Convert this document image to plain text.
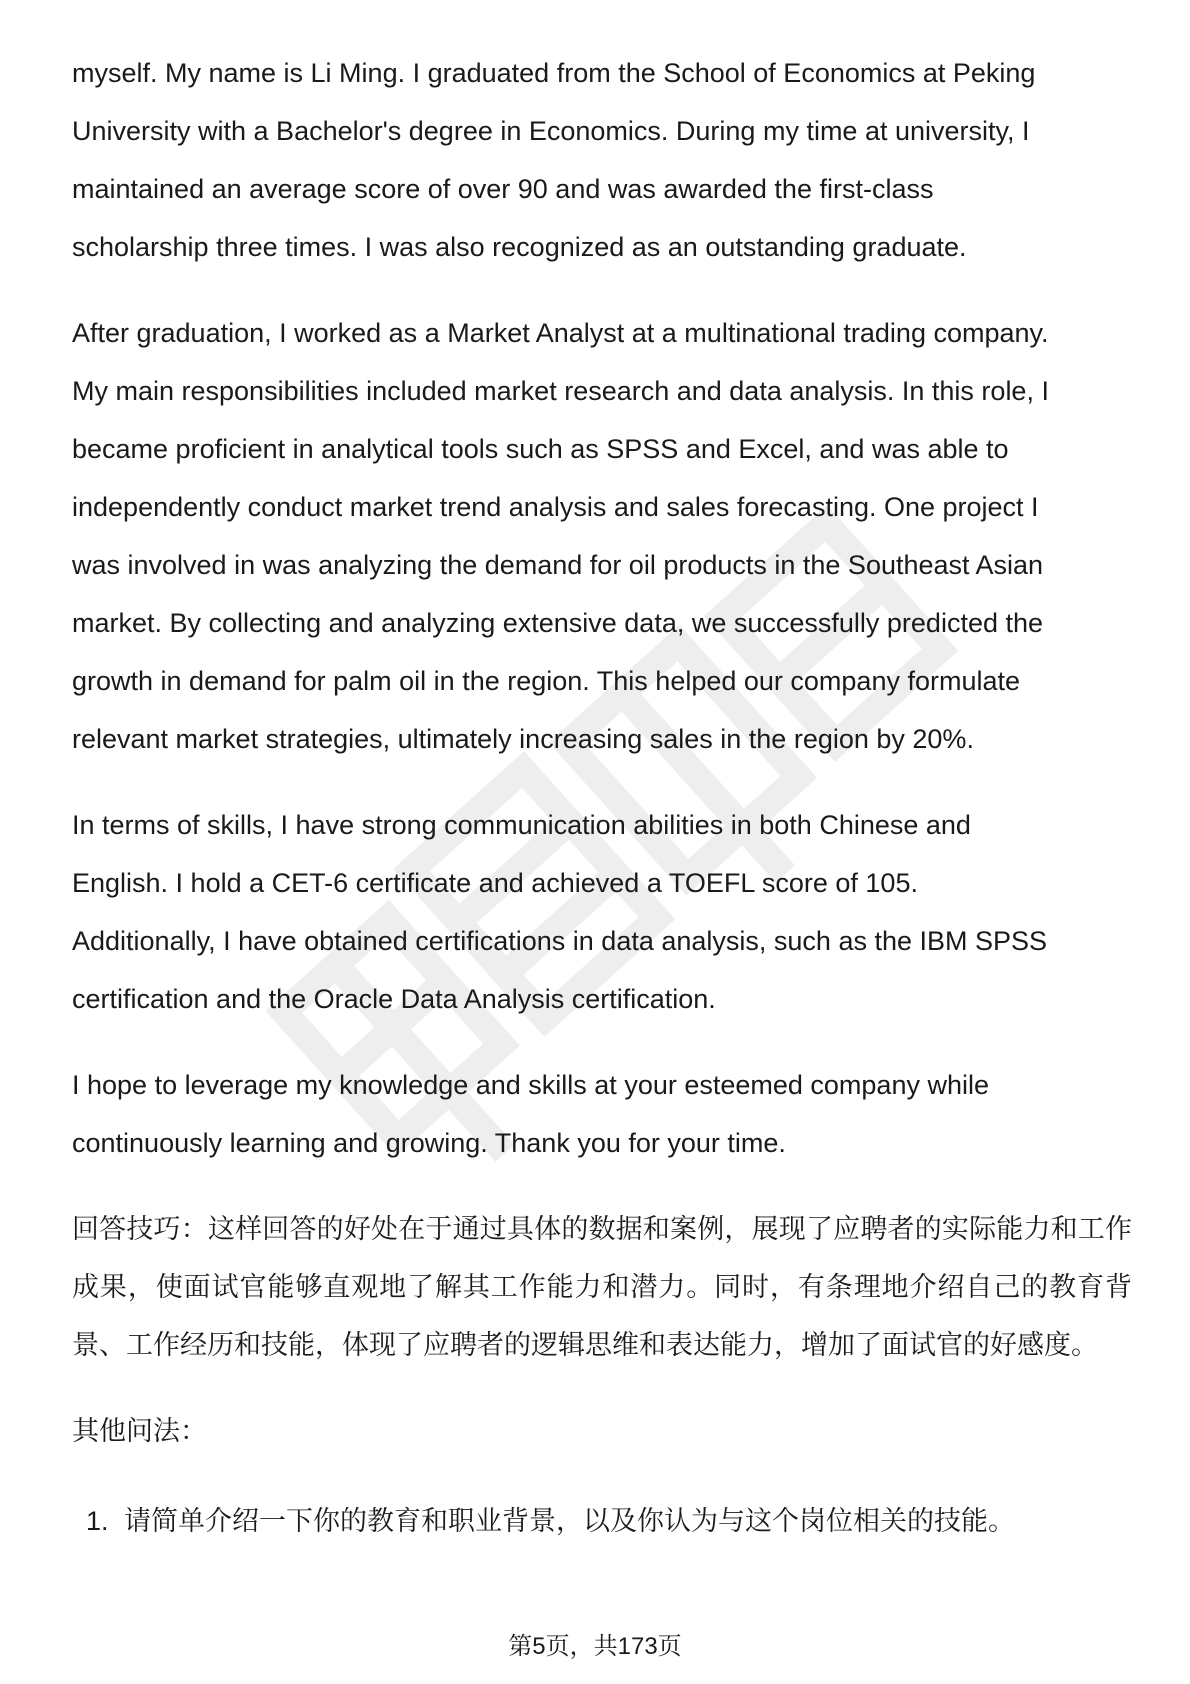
myself. My name is Li Ming. I graduated from the School of Economics at Peking
University with a Bachelor's degree in Economics. During my time at university, I
maintained an average score of over 90 and was awarded the first-class
scholarship three times. I was also recognized as an outstanding graduate.
After graduation, I worked as a Market Analyst at a multinational trading company.
My main responsibilities included market research and data analysis. In this role, I
became proficient in analytical tools such as SPSS and Excel, and was able to
independently conduct market trend analysis and sales forecasting. One project I
was involved in was analyzing the demand for oil products in the Southeast Asian
market. By collecting and analyzing extensive data, we successfully predicted the
growth in demand for palm oil in the region. This helped our company formulate
relevant market strategies, ultimately increasing sales in the region by 20%.
In terms of skills, I have strong communication abilities in both Chinese and
English. I hold a CET-6 certificate and achieved a TOEFL score of 105.
Additionally, I have obtained certifications in data analysis, such as the IBM SPSS
certification and the Oracle Data Analysis certification.
I hope to leverage my knowledge and skills at your esteemed company while
continuously learning and growing. Thank you for your time.
回答技巧：这样回答的好处在于通过具体的数据和案例，展现了应聘者的实际能力和工作成果，使面试官能够直观地了解其工作能力和潜力。同时，有条理地介绍自己的教育背景、工作经历和技能，体现了应聘者的逻辑思维和表达能力，增加了面试官的好感度。
其他问法：
1. 请简单介绍一下你的教育和职业背景，以及你认为与这个岗位相关的技能。
第5页，共173页
